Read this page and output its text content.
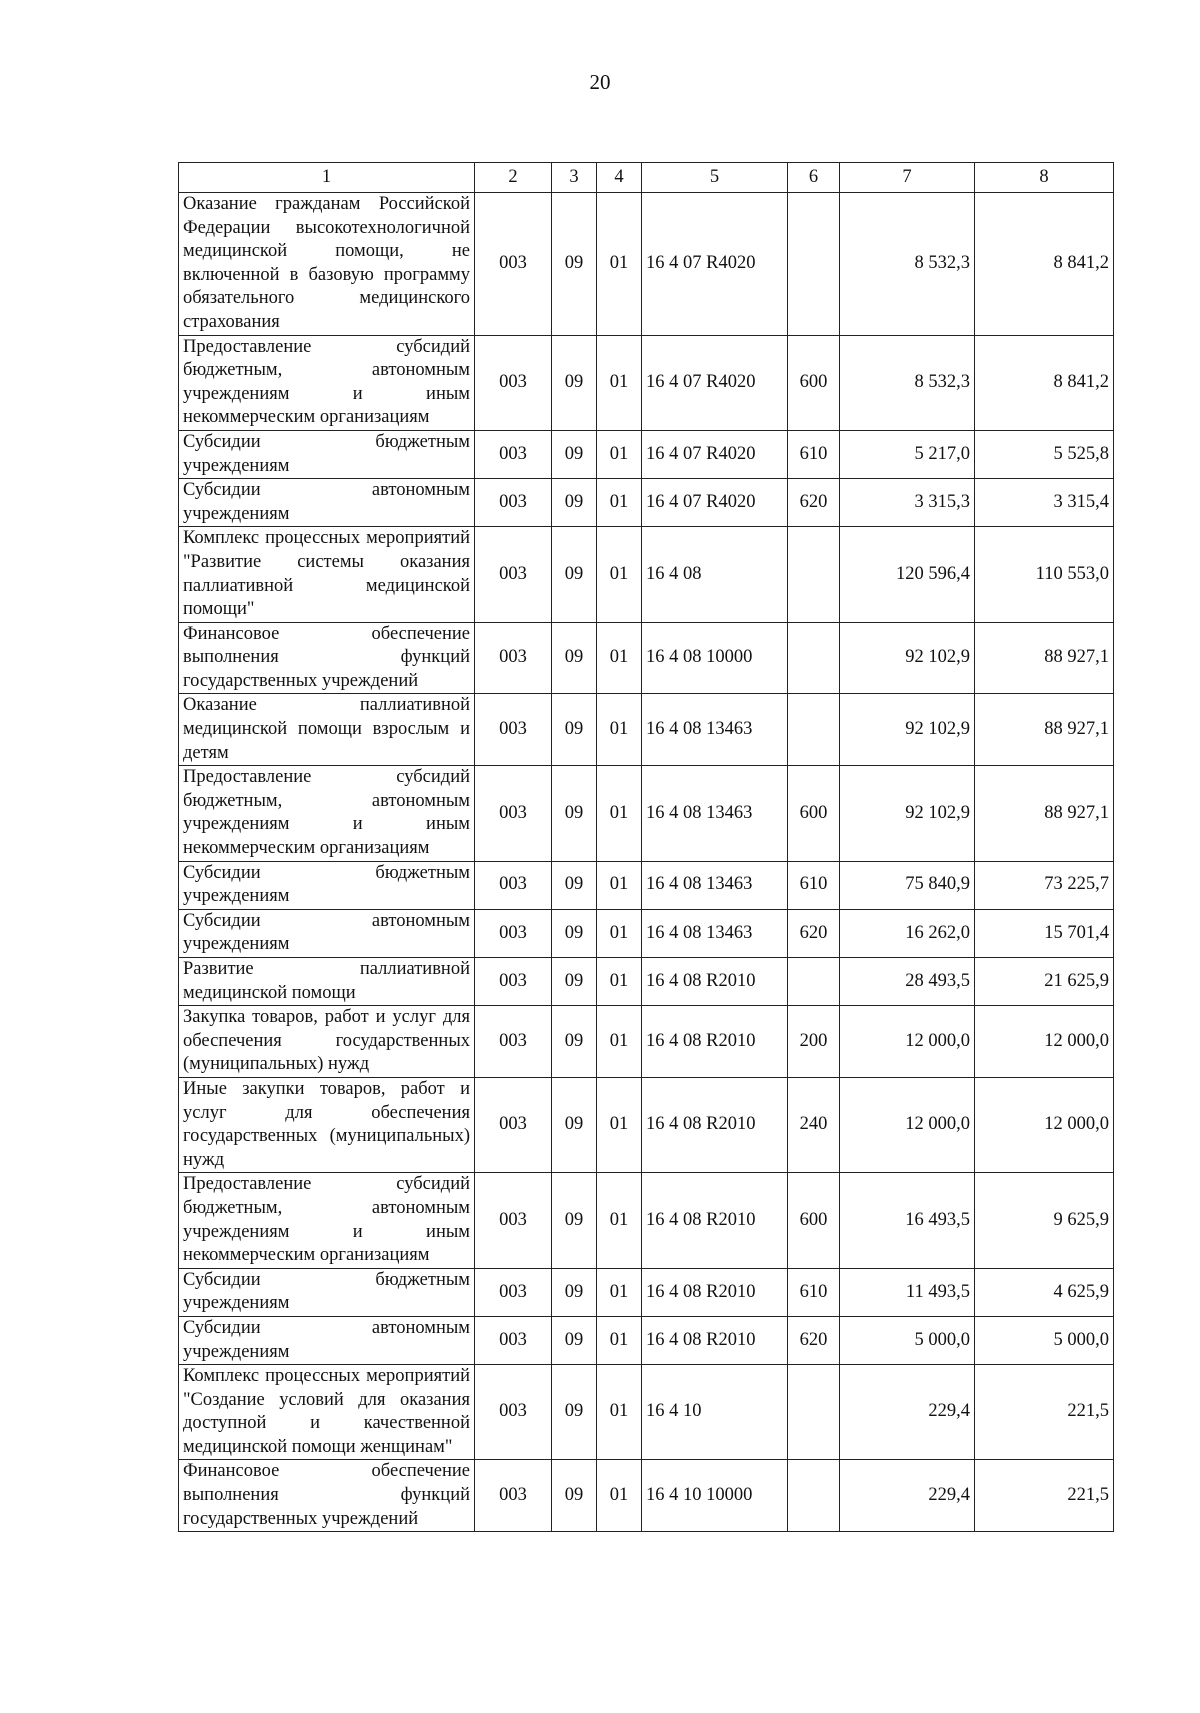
20
1	2	3	4	5	6	7	8
Оказание гражданам Российской Федерации высокотехнологичной медицинской помощи, не включенной в базовую программу обязательного медицинского страхования	003	09	01	16 4 07 R4020		8 532,3	8 841,2
Предоставление субсидий бюджетным, автономным учреждениям и иным некоммерческим организациям	003	09	01	16 4 07 R4020	600	8 532,3	8 841,2
Субсидии бюджетным учреждениям	003	09	01	16 4 07 R4020	610	5 217,0	5 525,8
Субсидии автономным учреждениям	003	09	01	16 4 07 R4020	620	3 315,3	3 315,4
Комплекс процессных мероприятий "Развитие системы оказания паллиативной медицинской помощи"	003	09	01	16 4 08		120 596,4	110 553,0
Финансовое обеспечение выполнения функций государственных учреждений	003	09	01	16 4 08 10000		92 102,9	88 927,1
Оказание паллиативной медицинской помощи взрослым и детям	003	09	01	16 4 08 13463		92 102,9	88 927,1
Предоставление субсидий бюджетным, автономным учреждениям и иным некоммерческим организациям	003	09	01	16 4 08 13463	600	92 102,9	88 927,1
Субсидии бюджетным учреждениям	003	09	01	16 4 08 13463	610	75 840,9	73 225,7
Субсидии автономным учреждениям	003	09	01	16 4 08 13463	620	16 262,0	15 701,4
Развитие паллиативной медицинской помощи	003	09	01	16 4 08 R2010		28 493,5	21 625,9
Закупка товаров, работ и услуг для обеспечения государственных (муниципальных) нужд	003	09	01	16 4 08 R2010	200	12 000,0	12 000,0
Иные закупки товаров, работ и услуг для обеспечения государственных (муниципальных) нужд	003	09	01	16 4 08 R2010	240	12 000,0	12 000,0
Предоставление субсидий бюджетным, автономным учреждениям и иным некоммерческим организациям	003	09	01	16 4 08 R2010	600	16 493,5	9 625,9
Субсидии бюджетным учреждениям	003	09	01	16 4 08 R2010	610	11 493,5	4 625,9
Субсидии автономным учреждениям	003	09	01	16 4 08 R2010	620	5 000,0	5 000,0
Комплекс процессных мероприятий "Создание условий для оказания доступной и качественной медицинской помощи женщинам"	003	09	01	16 4 10		229,4	221,5
Финансовое обеспечение выполнения функций государственных учреждений	003	09	01	16 4 10 10000		229,4	221,5
